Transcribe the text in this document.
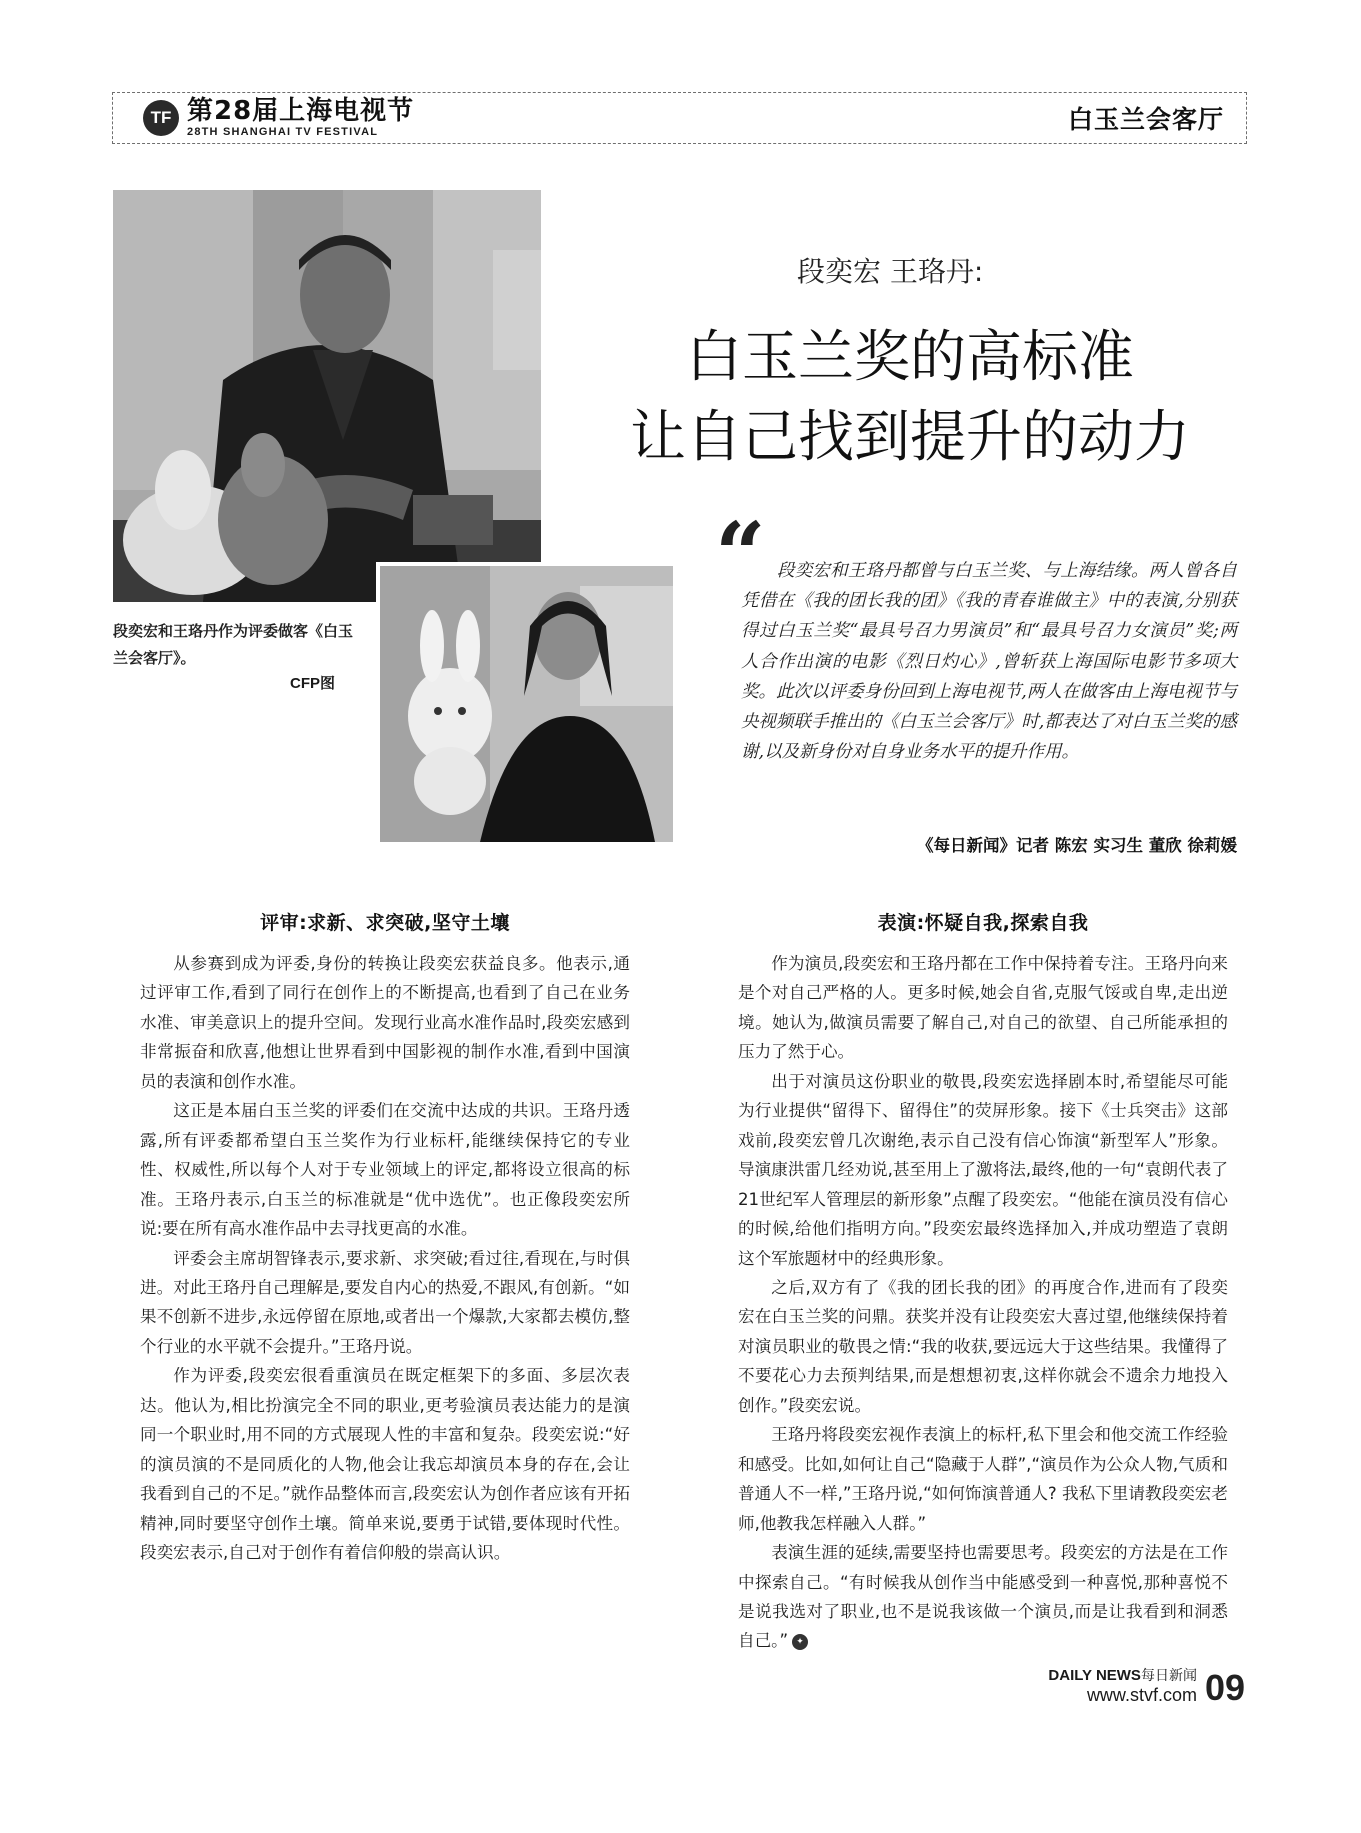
TF 第28届上海电视节
28TH SHANGHAI TV FESTIVAL	白玉兰会客厅
段奕宏和王珞丹作为评委做客《白玉兰会客厅》。
CFP图
段奕宏 王珞丹:
白玉兰奖的高标准
让自己找到提升的动力
“ 段奕宏和王珞丹都曾与白玉兰奖、与上海结缘。两人曾各自凭借在《我的团长我的团》《我的青春谁做主》中的表演,分别获得过白玉兰奖“最具号召力男演员”和“最具号召力女演员”奖;两人合作出演的电影《烈日灼心》,曾斩获上海国际电影节多项大奖。此次以评委身份回到上海电视节,两人在做客由上海电视节与央视频联手推出的《白玉兰会客厅》时,都表达了对白玉兰奖的感谢,以及新身份对自身业务水平的提升作用。
《每日新闻》记者 陈宏 实习生 董欣 徐莉媛
评审:求新、求突破,坚守土壤

从参赛到成为评委,身份的转换让段奕宏获益良多。他表示,通过评审工作,看到了同行在创作上的不断提高,也看到了自己在业务水准、审美意识上的提升空间。发现行业高水准作品时,段奕宏感到非常振奋和欣喜,他想让世界看到中国影视的制作水准,看到中国演员的表演和创作水准。

这正是本届白玉兰奖的评委们在交流中达成的共识。王珞丹透露,所有评委都希望白玉兰奖作为行业标杆,能继续保持它的专业性、权威性,所以每个人对于专业领域上的评定,都将设立很高的标准。王珞丹表示,白玉兰的标准就是“优中选优”。也正像段奕宏所说:要在所有高水准作品中去寻找更高的水准。

评委会主席胡智锋表示,要求新、求突破;看过往,看现在,与时俱进。对此王珞丹自己理解是,要发自内心的热爱,不跟风,有创新。“如果不创新不进步,永远停留在原地,或者出一个爆款,大家都去模仿,整个行业的水平就不会提升。”王珞丹说。

作为评委,段奕宏很看重演员在既定框架下的多面、多层次表达。他认为,相比扮演完全不同的职业,更考验演员表达能力的是演同一个职业时,用不同的方式展现人性的丰富和复杂。段奕宏说:“好的演员演的不是同质化的人物,他会让我忘却演员本身的存在,会让我看到自己的不足。”就作品整体而言,段奕宏认为创作者应该有开拓精神,同时要坚守创作土壤。简单来说,要勇于试错,要体现时代性。段奕宏表示,自己对于创作有着信仰般的崇高认识。

表演:怀疑自我,探索自我

作为演员,段奕宏和王珞丹都在工作中保持着专注。王珞丹向来是个对自己严格的人。更多时候,她会自省,克服气馁或自卑,走出逆境。她认为,做演员需要了解自己,对自己的欲望、自己所能承担的压力了然于心。

出于对演员这份职业的敬畏,段奕宏选择剧本时,希望能尽可能为行业提供“留得下、留得住”的荧屏形象。接下《士兵突击》这部戏前,段奕宏曾几次谢绝,表示自己没有信心饰演“新型军人”形象。导演康洪雷几经劝说,甚至用上了激将法,最终,他的一句“袁朗代表了21世纪军人管理层的新形象”点醒了段奕宏。“他能在演员没有信心的时候,给他们指明方向。”段奕宏最终选择加入,并成功塑造了袁朗这个军旅题材中的经典形象。

之后,双方有了《我的团长我的团》的再度合作,进而有了段奕宏在白玉兰奖的问鼎。获奖并没有让段奕宏大喜过望,他继续保持着对演员职业的敬畏之情:“我的收获,要远远大于这些结果。我懂得了不要花心力去预判结果,而是想想初衷,这样你就会不遗余力地投入创作。”段奕宏说。

王珞丹将段奕宏视作表演上的标杆,私下里会和他交流工作经验和感受。比如,如何让自己“隐藏于人群”,“演员作为公众人物,气质和普通人不一样,”王珞丹说,“如何饰演普通人? 我私下里请教段奕宏老师,他教我怎样融入人群。”

表演生涯的延续,需要坚持也需要思考。段奕宏的方法是在工作中探索自己。“有时候我从创作当中能感受到一种喜悦,那种喜悦不是说我选对了职业,也不是说我该做一个演员,而是让我看到和洞悉自己。” ✦

DAILY NEWS每日新闻
www.stvf.com 09
